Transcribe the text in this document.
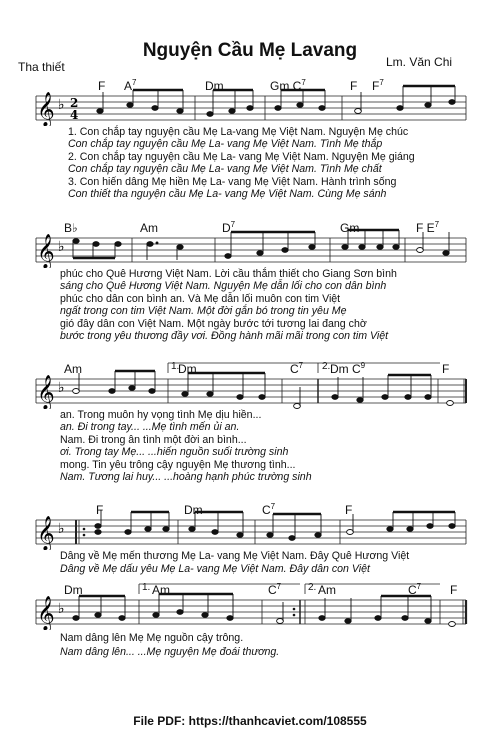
Nguyện Cầu Mẹ Lavang
Tha thiết	Lm. Văn Chi
F $A^7$	Dm	Gm $C^7$	F $F^7$
𝄞 ♭ 2
4
1. Con chắp tay nguyện cầu Mẹ La-vang Mẹ Việt Nam. Nguyện Mẹ chúc
Con chắp tay nguyện cầu Mẹ La- vang Mẹ Việt Nam. Tình Mẹ thắp
2. Con chắp tay nguyện cầu Mẹ La- vang Mẹ Việt Nam. Nguyện Mẹ giáng
Con chắp tay nguyện cầu Mẹ La- vang Mẹ Việt Nam. Tình Mẹ chất
3. Con hiến dâng Mẹ hiền Mẹ La- vang Mẹ Việt Nam. Hành trình sống
Con thiết tha nguyện cầu Mẹ La- vang Mẹ Việt Nam. Cùng Mẹ sánh
B♭	Am	$D^7$	Gm	F $E^7$
𝄞 ♭
phúc cho Quê Hương Việt Nam. Lời cầu thắm thiết cho Giang Sơn bình
sáng cho Quê Hương Việt Nam. Nguyện Mẹ dẫn lối cho con dân bình
phúc cho dân con bình an. Và Mẹ dẫn lối muôn con tim Việt
ngất trong con tim Việt Nam. Một đời gắn bó trong tin yêu Mẹ
gió đây dân con Việt Nam. Một ngày bước tới tương lai đang chờ
bước trong yêu thương đầy vơi. Đồng hành mãi mãi trong con tim Việt
Am	Dm	$C^7$ Dm $C^9$	F
1.	2.
𝄞 ♭
an. Trong muôn hy vọng tình Mẹ dịu hiền...
an. Đi trong tay... ...Mẹ tình mến ủi an.
Nam. Đi trong ân tình một đời an bình...
ơi. Trong tay Mẹ... ...hiến nguồn suối trường sinh
mong. Tin yêu trông cậy nguyện Mẹ thương tình...
Nam. Tương lai huy... ...hoàng hạnh phúc trường sinh
F	Dm	$C^7$	F
𝄞 ♭
Dâng về Mẹ mến thương Mẹ La- vang Mẹ Việt Nam. Đây Quê Hương Việt
Dâng về Mẹ dấu yêu Mẹ La- vang Mẹ Việt Nam. Đây dân con Việt
Dm	Am	$C^7$	Am	$C^7$ F
1.	2.
𝄞 ♭
Nam dâng lên Mẹ Mẹ nguồn cậy trông.
Nam dâng lên... ...Mẹ nguyện Mẹ đoái thương.
File PDF: https://thanhcaviet.com/108555
